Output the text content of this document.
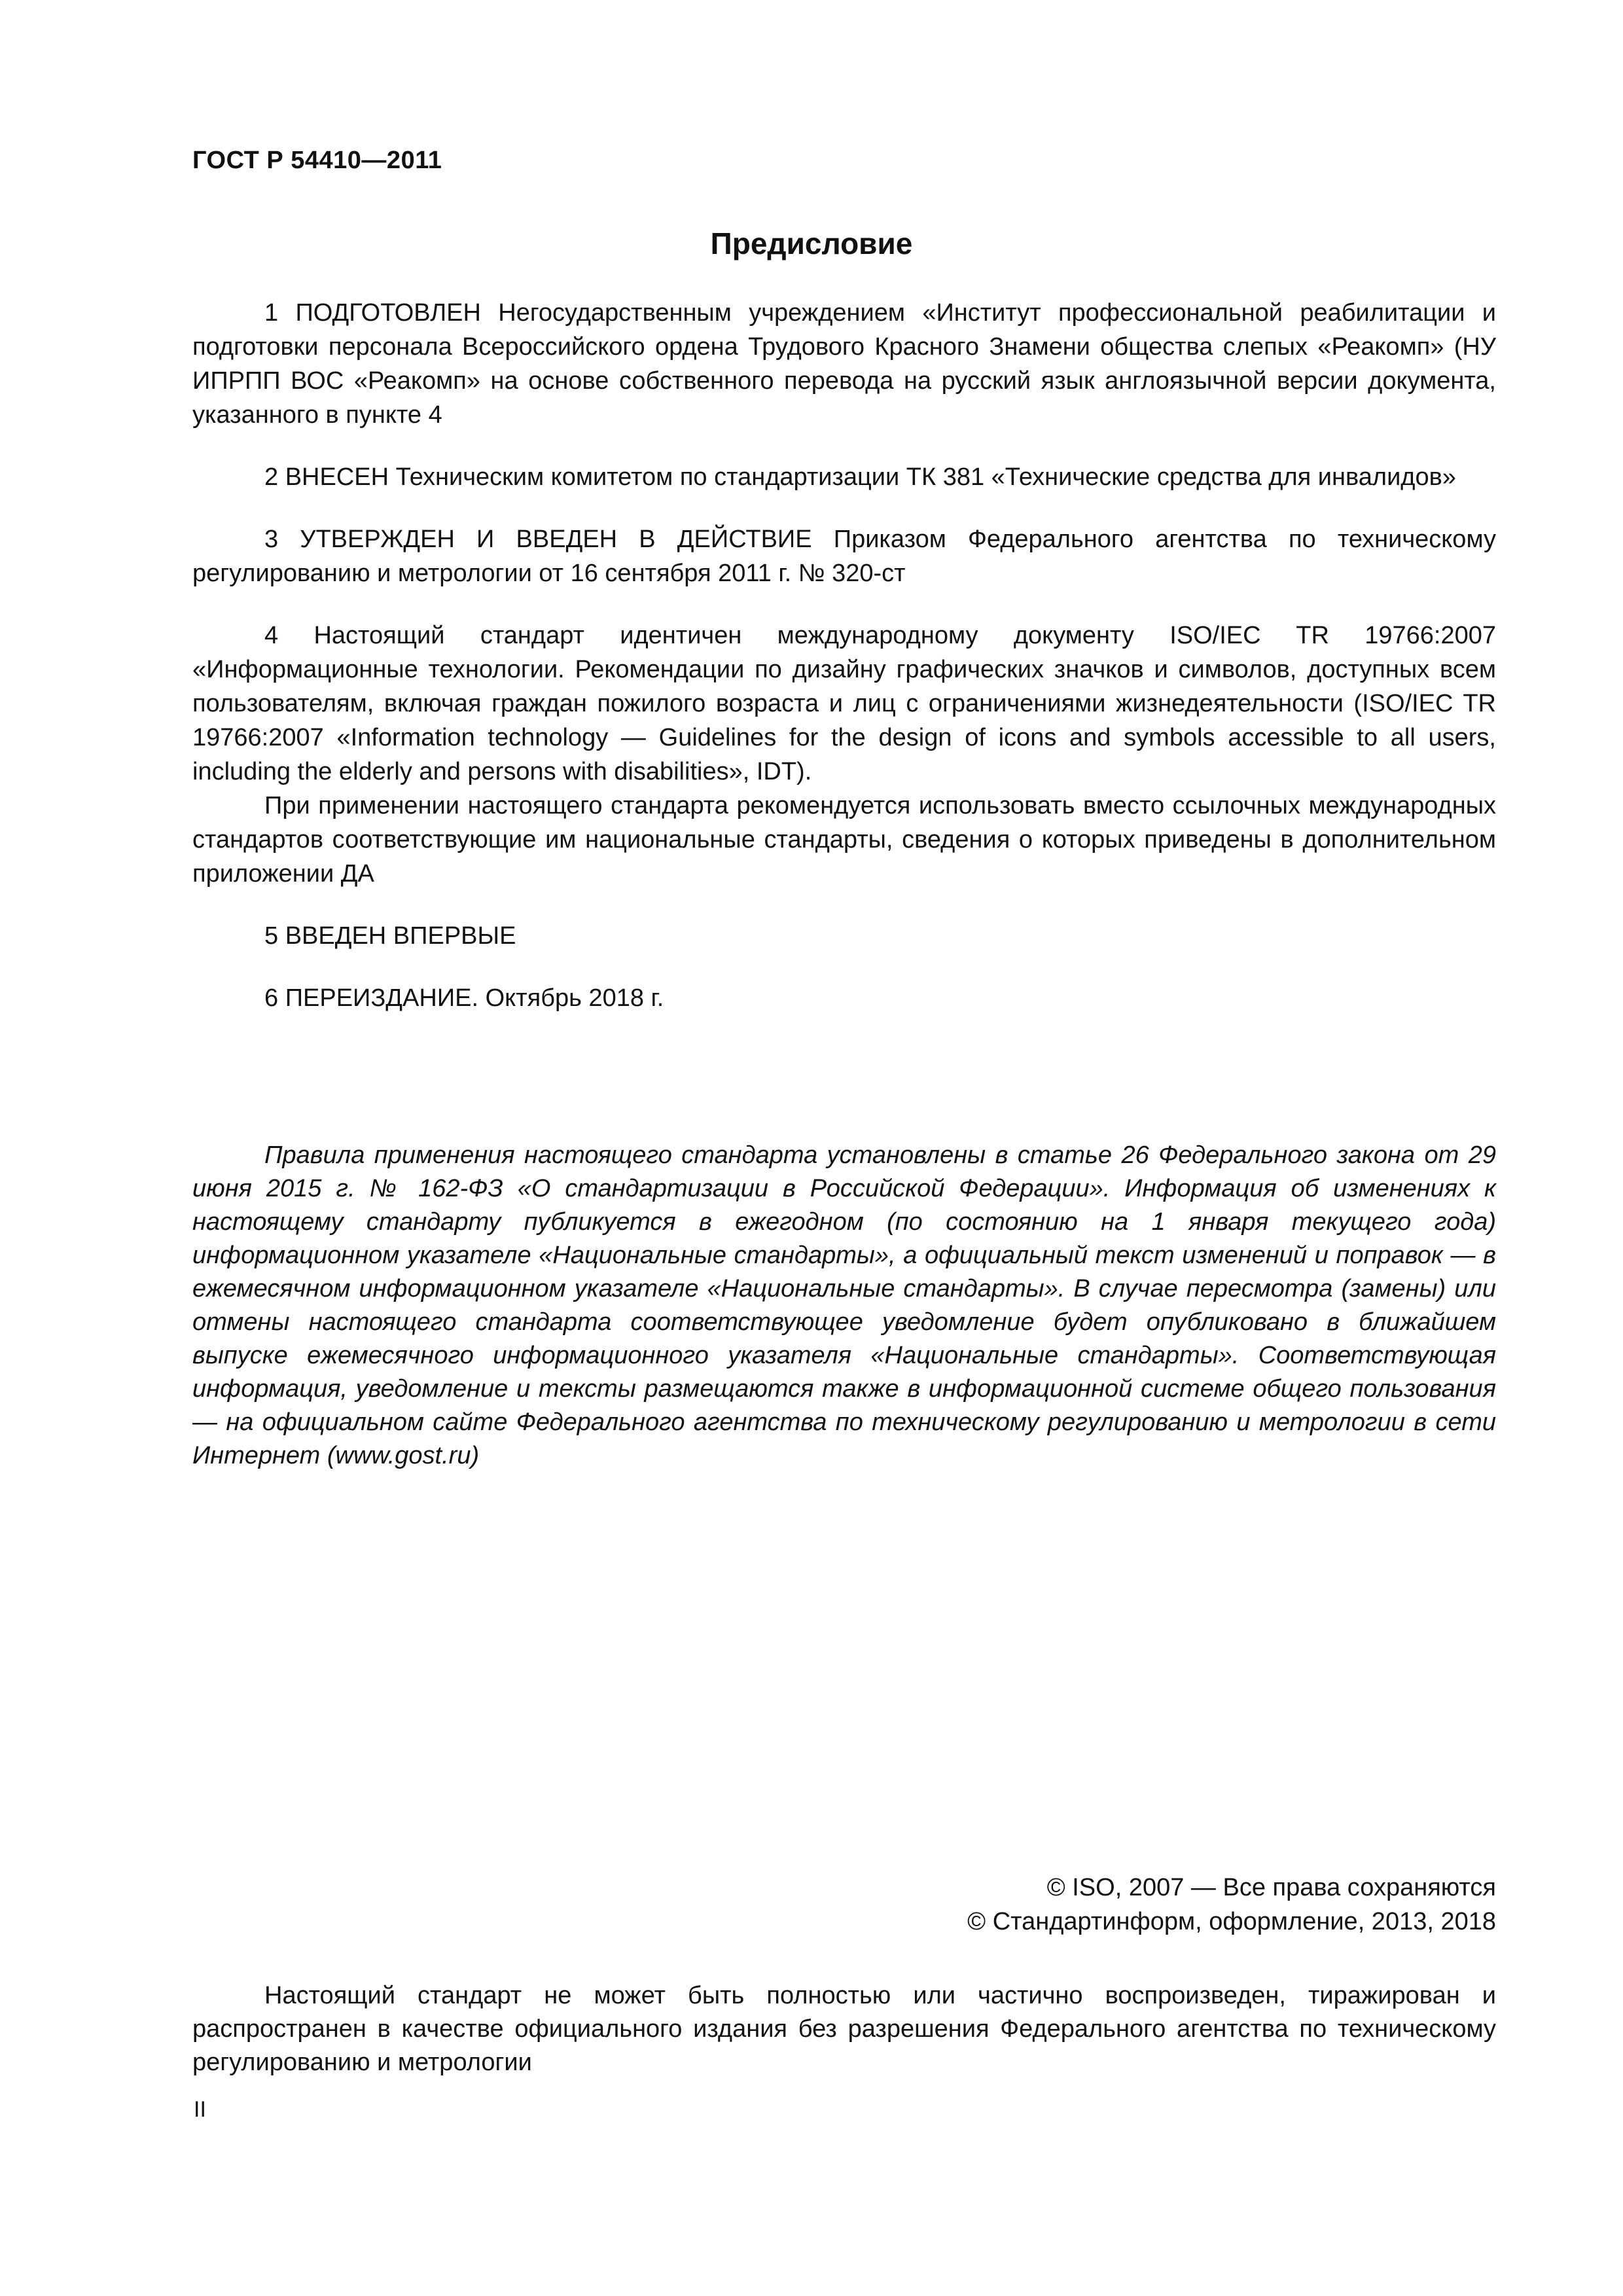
ГОСТ Р 54410—2011
Предисловие

1 ПОДГОТОВЛЕН Негосударственным учреждением «Институт профессиональной реабилитации и подготовки персонала Всероссийского ордена Трудового Красного Знамени общества слепых «Реакомп» (НУ ИПРПП ВОС «Реакомп» на основе собственного перевода на русский язык англоязычной версии документа, указанного в пункте 4

2 ВНЕСЕН Техническим комитетом по стандартизации ТК 381 «Технические средства для инвалидов»

3 УТВЕРЖДЕН И ВВЕДЕН В ДЕЙСТВИЕ Приказом Федерального агентства по техническому регулированию и метрологии от 16 сентября 2011 г. № 320-ст

4 Настоящий стандарт идентичен международному документу ISO/IEC TR 19766:2007 «Информационные технологии. Рекомендации по дизайну графических значков и символов, доступных всем пользователям, включая граждан пожилого возраста и лиц с ограничениями жизнедеятельности (ISO/IEC TR 19766:2007 «Information technology — Guidelines for the design of icons and symbols accessible to all users, including the elderly and persons with disabilities», IDT).

При применении настоящего стандарта рекомендуется использовать вместо ссылочных международных стандартов соответствующие им национальные стандарты, сведения о которых приведены в дополнительном приложении ДА

5 ВВЕДЕН ВПЕРВЫЕ

6 ПЕРЕИЗДАНИЕ. Октябрь 2018 г.

Правила применения настоящего стандарта установлены в статье 26 Федерального закона от 29 июня 2015 г. № 162-ФЗ «О стандартизации в Российской Федерации». Информация об изменениях к настоящему стандарту публикуется в ежегодном (по состоянию на 1 января текущего года) информационном указателе «Национальные стандарты», а официальный текст изменений и поправок — в ежемесячном информационном указателе «Национальные стандарты». В случае пересмотра (замены) или отмены настоящего стандарта соответствующее уведомление будет опубликовано в ближайшем выпуске ежемесячного информационного указателя «Национальные стандарты». Соответствующая информация, уведомление и тексты размещаются также в информационной системе общего пользования — на официальном сайте Федерального агентства по техническому регулированию и метрологии в сети Интернет (www.gost.ru)
© ISO, 2007 — Все права сохраняются
© Стандартинформ, оформление, 2013, 2018
Настоящий стандарт не может быть полностью или частично воспроизведен, тиражирован и распространен в качестве официального издания без разрешения Федерального агентства по техническому регулированию и метрологии
II
